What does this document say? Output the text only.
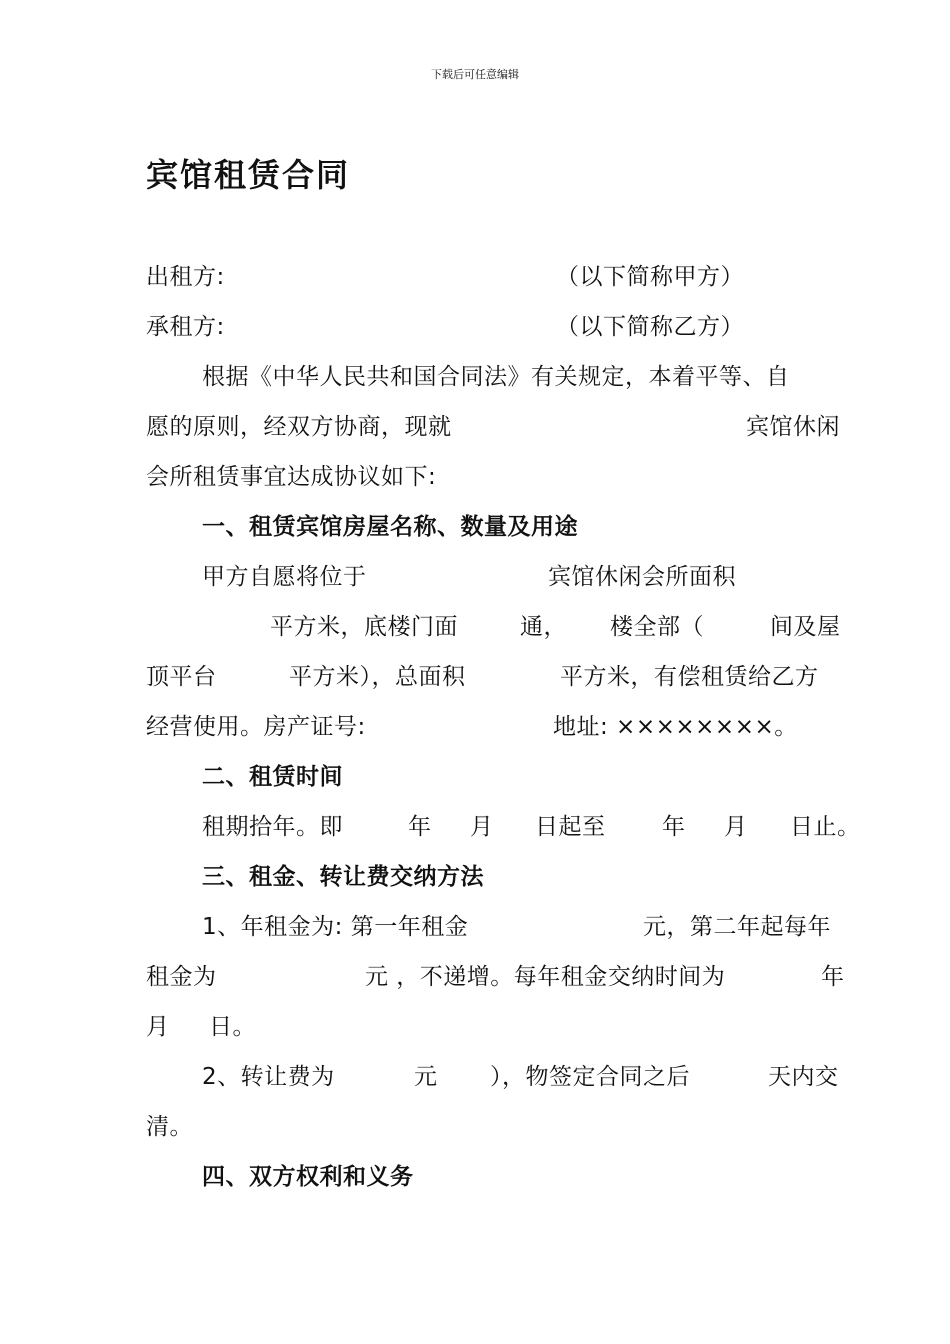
下载后可任意编辑
宾馆租赁合同
出租方:	（以下简称甲方）
承租方:	（以下简称乙方）
根据《中华人民共和国合同法》有关规定，本着平等、自
愿的原则，经双方协商，现就	宾馆休闲
会所租赁事宜达成协议如下:
一、租赁宾馆房屋名称、数量及用途
甲方自愿将位于	宾馆休闲会所面积
平方米，底楼门面	通， 楼全部（	间及屋
顶平台	平方米），总面积	平方米，有偿租赁给乙方
经营使用。房产证号:	地址: ××××××××。
二、租赁时间
租期拾年。即	年 月 日起至 年 月 日止。
三、租金、转让费交纳方法
1、年租金为: 第一年租金	元，第二年起每年
租金为	元 ，不递增。每年租金交纳时间为	年
月 日。
2、转让费为	元 ），物签定合同之后	天内交
清。
四、双方权利和义务
